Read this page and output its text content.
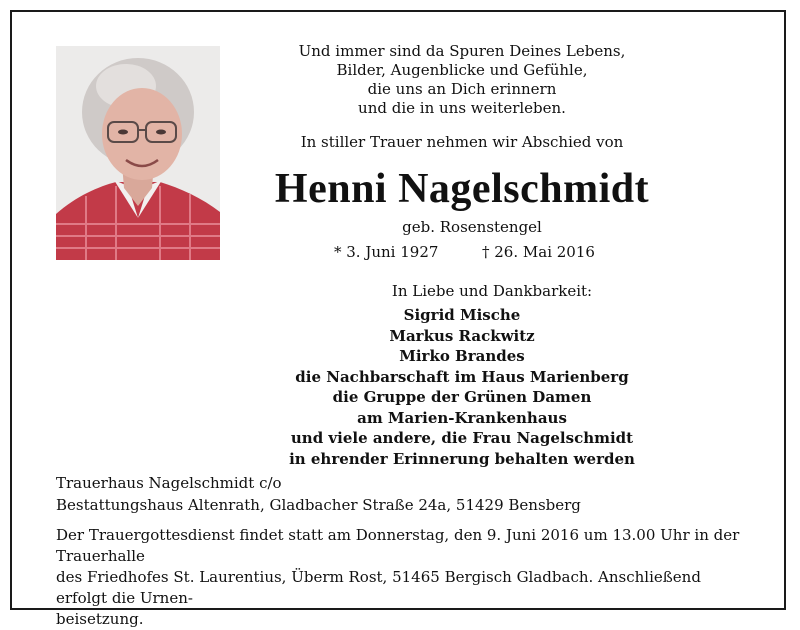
Und immer sind da Spuren Deines Lebens,
Bilder, Augenblicke und Gefühle,
die uns an Dich erinnern
und die in uns weiterleben.
In stiller Trauer nehmen wir Abschied von
Henni Nagelschmidt
geb. Rosenstengel
* 3. Juni 1927	† 26. Mai 2016
In Liebe und Dankbarkeit:
Sigrid Mische
Markus Rackwitz
Mirko Brandes
die Nachbarschaft im Haus Marienberg
die Gruppe der Grünen Damen
am Marien-Krankenhaus
und viele andere, die Frau Nagelschmidt
in ehrender Erinnerung behalten werden
Trauerhaus Nagelschmidt c/o
Bestattungshaus Altenrath, Gladbacher Straße 24a, 51429 Bensberg
Der Trauergottesdienst findet statt am Donnerstag, den 9. Juni 2016 um 13.00 Uhr in der Trauerhalle
des Friedhofes St. Laurentius, Überm Rost, 51465 Bergisch Gladbach. Anschließend erfolgt die Urnen-
beisetzung.
